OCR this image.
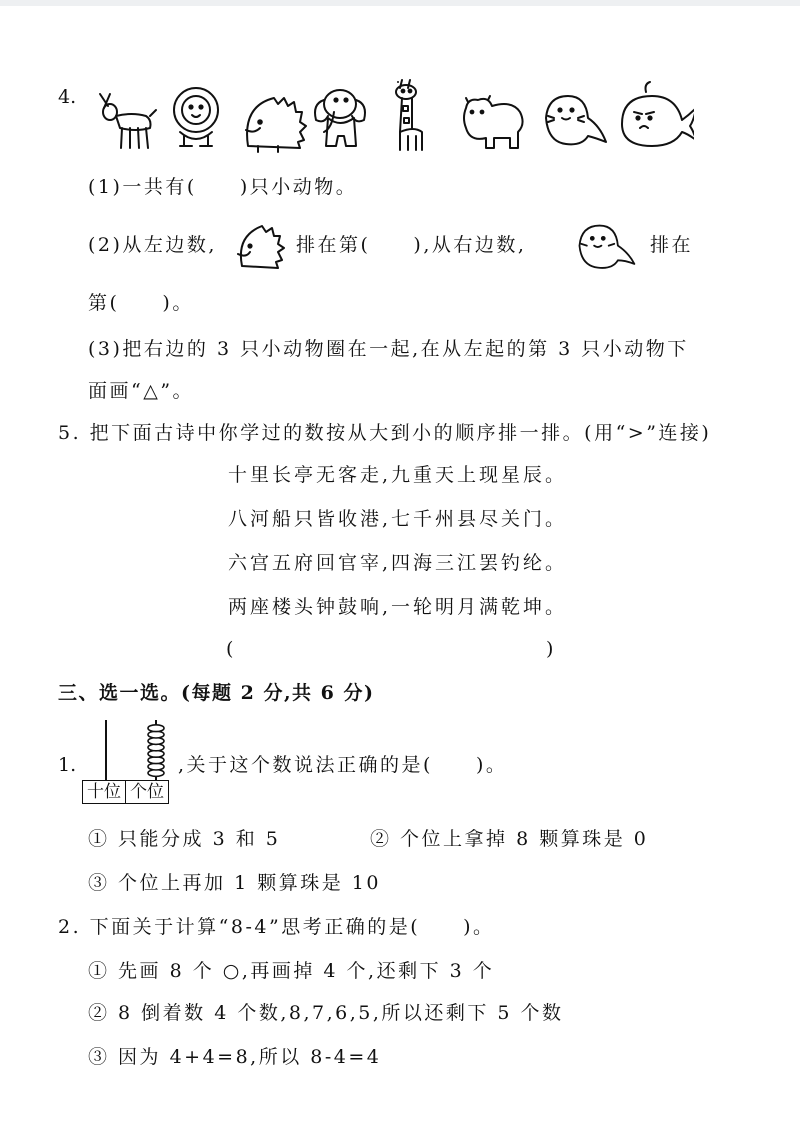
4.
(1)一共有(　　)只小动物。
(2)从左边数,	排在第(　　),从右边数,	排在
第(　　)。
(3)把右边的 3 只小动物圈在一起,在从左起的第 3 只小动物下
面画“△”。
5. 把下面古诗中你学过的数按从大到小的顺序排一排。(用“>”连接)
十里长亭无客走,九重天上现星辰。
八河船只皆收港,七千州县尽关门。
六宫五府回官宰,四海三江罢钓纶。
两座楼头钟鼓响,一轮明月满乾坤。
(	)
三、选一选。(每题 2 分,共 6 分)
1.
十位 个位
,关于这个数说法正确的是(　　)。
① 只能分成 3 和 5	② 个位上拿掉 8 颗算珠是 0
③ 个位上再加 1 颗算珠是 10
2. 下面关于计算“8-4”思考正确的是(　　)。
① 先画 8 个 ○,再画掉 4 个,还剩下 3 个
② 8 倒着数 4 个数,8,7,6,5,所以还剩下 5 个数
③ 因为 4+4=8,所以 8-4=4
